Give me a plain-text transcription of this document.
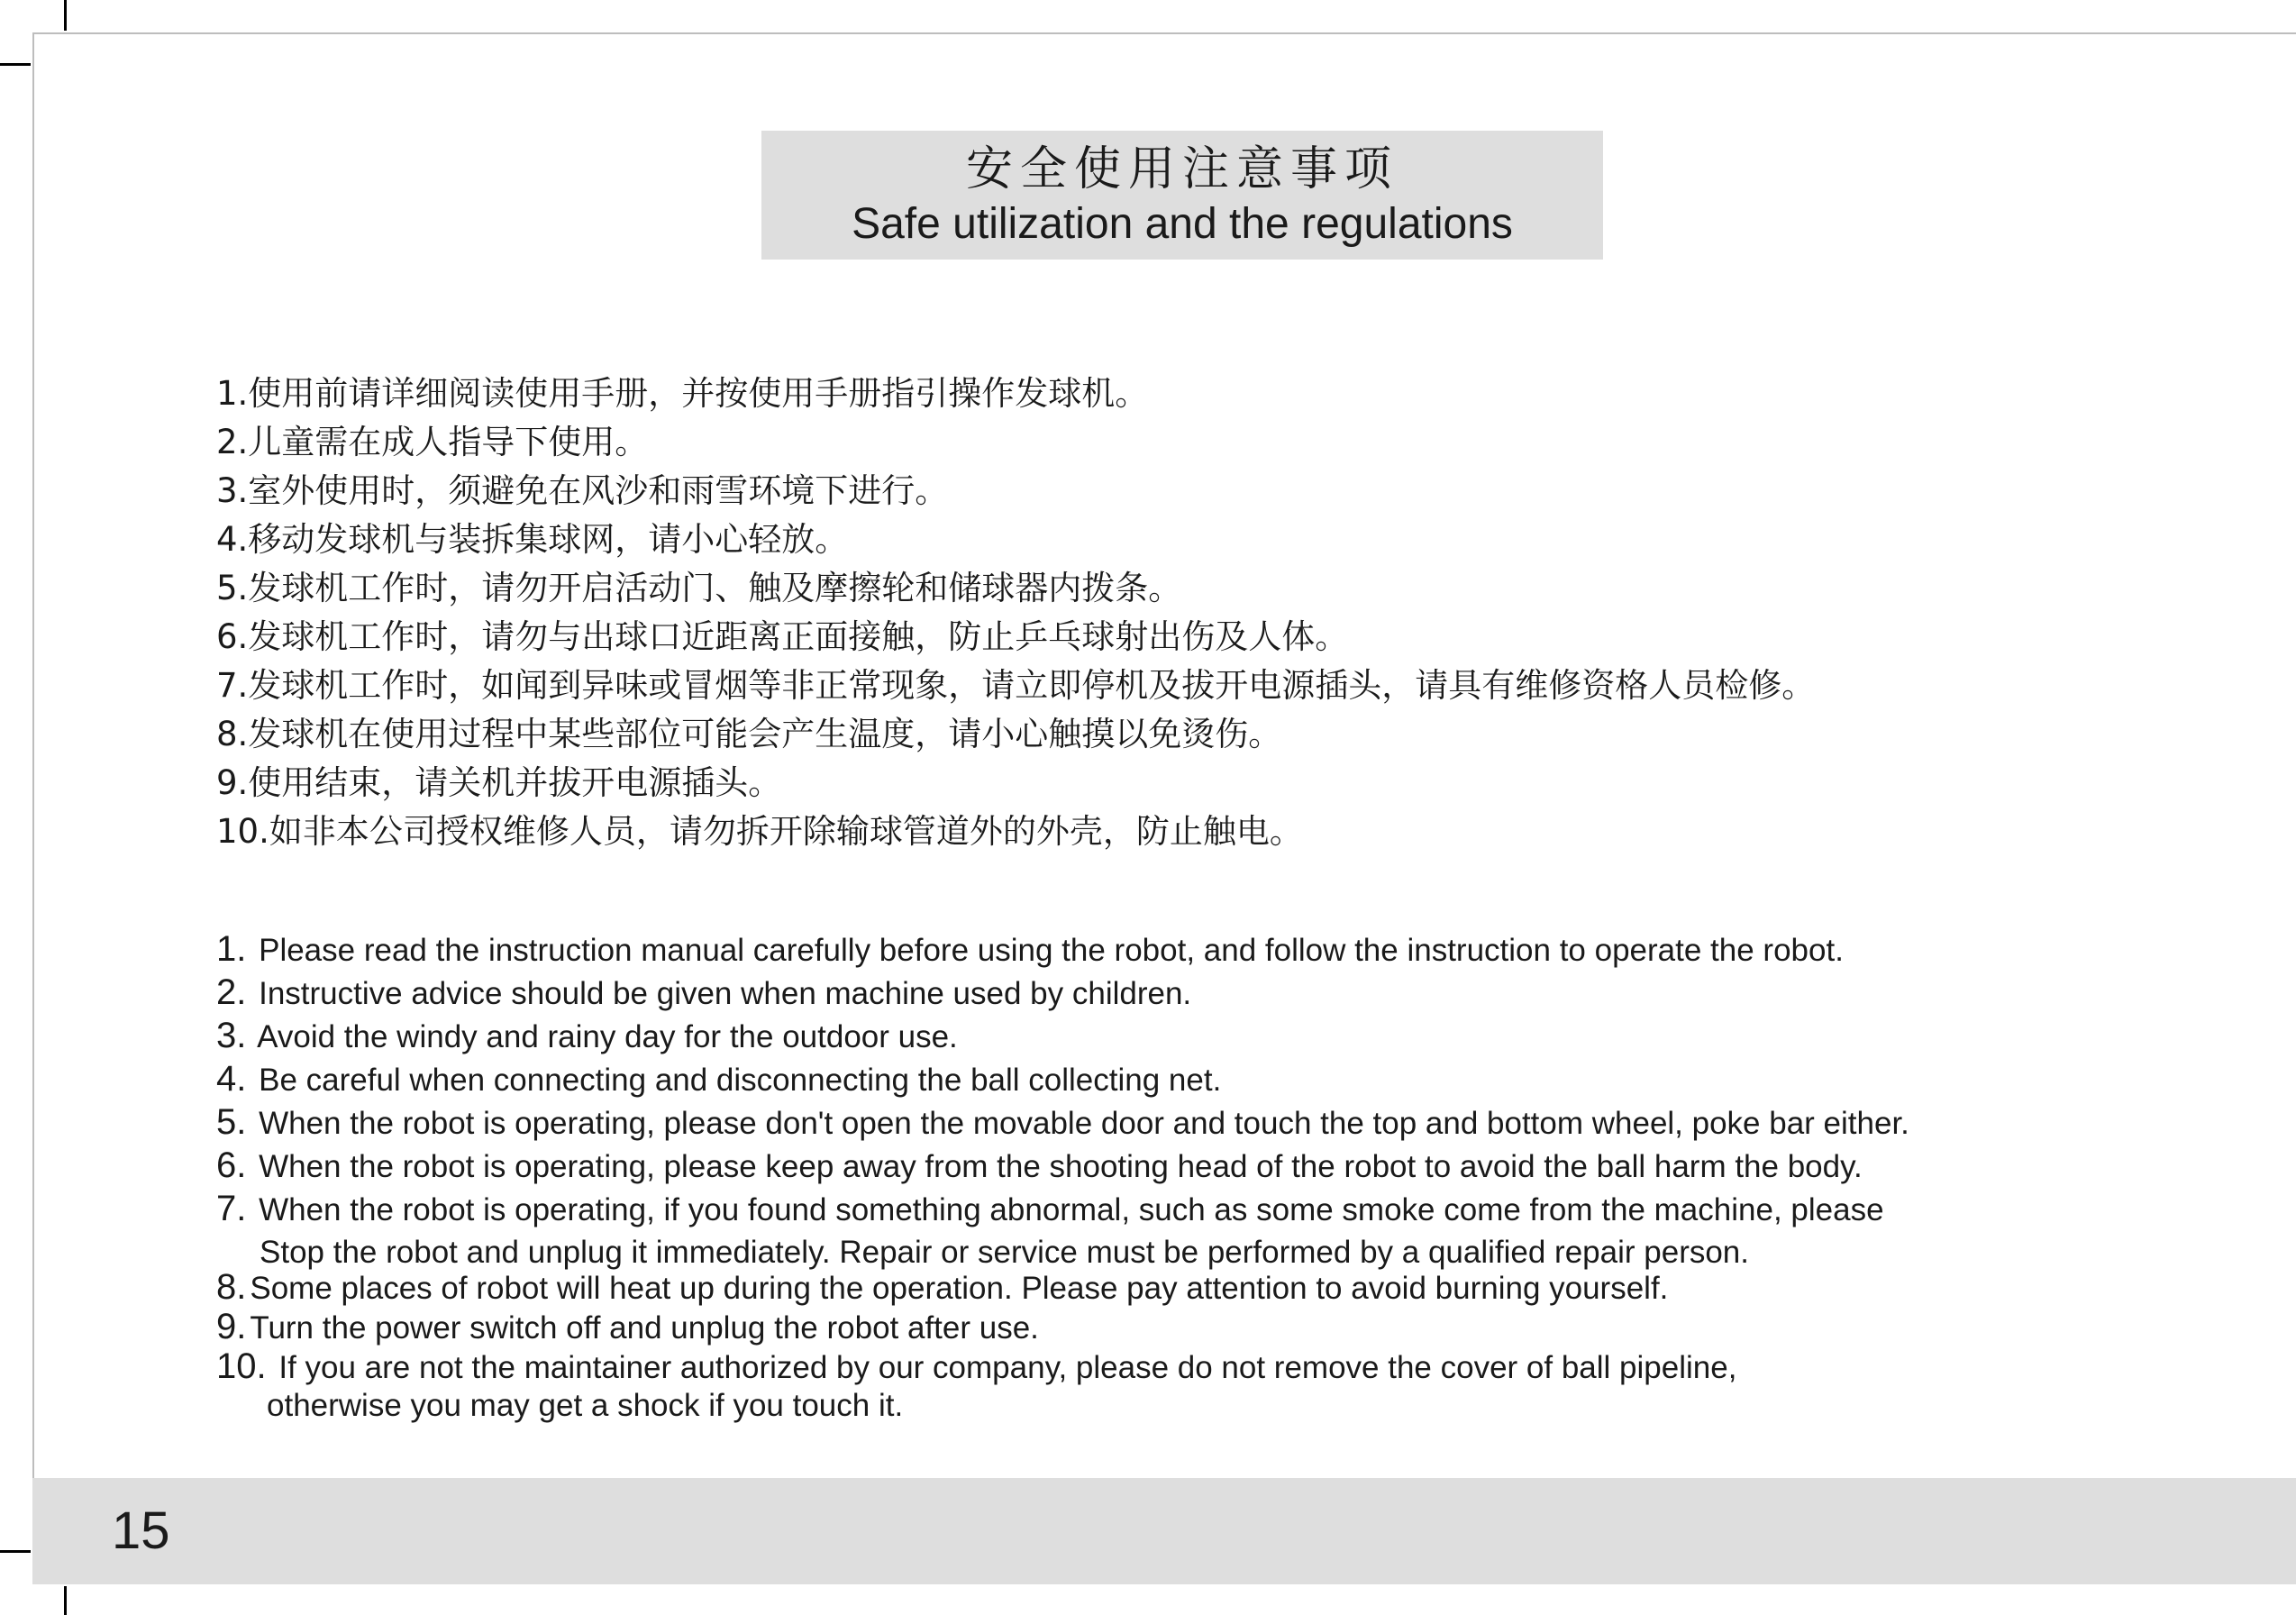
安全使用注意事项
Safe utilization and the regulations
1.使用前请详细阅读使用手册，并按使用手册指引操作发球机。
2.儿童需在成人指导下使用。
3.室外使用时，须避免在风沙和雨雪环境下进行。
4.移动发球机与装拆集球网，请小心轻放。
5.发球机工作时，请勿开启活动门、触及摩擦轮和储球器内拨条。
6.发球机工作时，请勿与出球口近距离正面接触，防止乒乓球射出伤及人体。
7.发球机工作时，如闻到异味或冒烟等非正常现象，请立即停机及拔开电源插头，请具有维修资格人员检修。
8.发球机在使用过程中某些部位可能会产生温度，请小心触摸以免烫伤。
9.使用结束，请关机并拔开电源插头。
10.如非本公司授权维修人员，请勿拆开除输球管道外的外壳，防止触电。
1. Please read the instruction manual carefully before using the robot, and follow the instruction to operate the robot.
2. Instructive advice should be given when machine used by children.
3. Avoid the windy and rainy day for the outdoor use.
4. Be careful when connecting and disconnecting the ball collecting net.
5. When the robot is operating, please don't open the movable door and touch the top and bottom wheel, poke bar either.
6. When the robot is operating, please keep away from the shooting head of the robot to avoid the ball harm the body.
7. When the robot is operating, if you found something abnormal, such as some smoke come from the machine, please
Stop the robot and unplug it immediately. Repair or service must be performed by a qualified repair person.
8. Some places of robot will heat up during the operation. Please pay attention to avoid burning yourself.
9. Turn the power switch off and unplug the robot after use.
10. If you are not the maintainer authorized by our company, please do not remove the cover of ball pipeline,
otherwise you may get a shock if you touch it.
15
